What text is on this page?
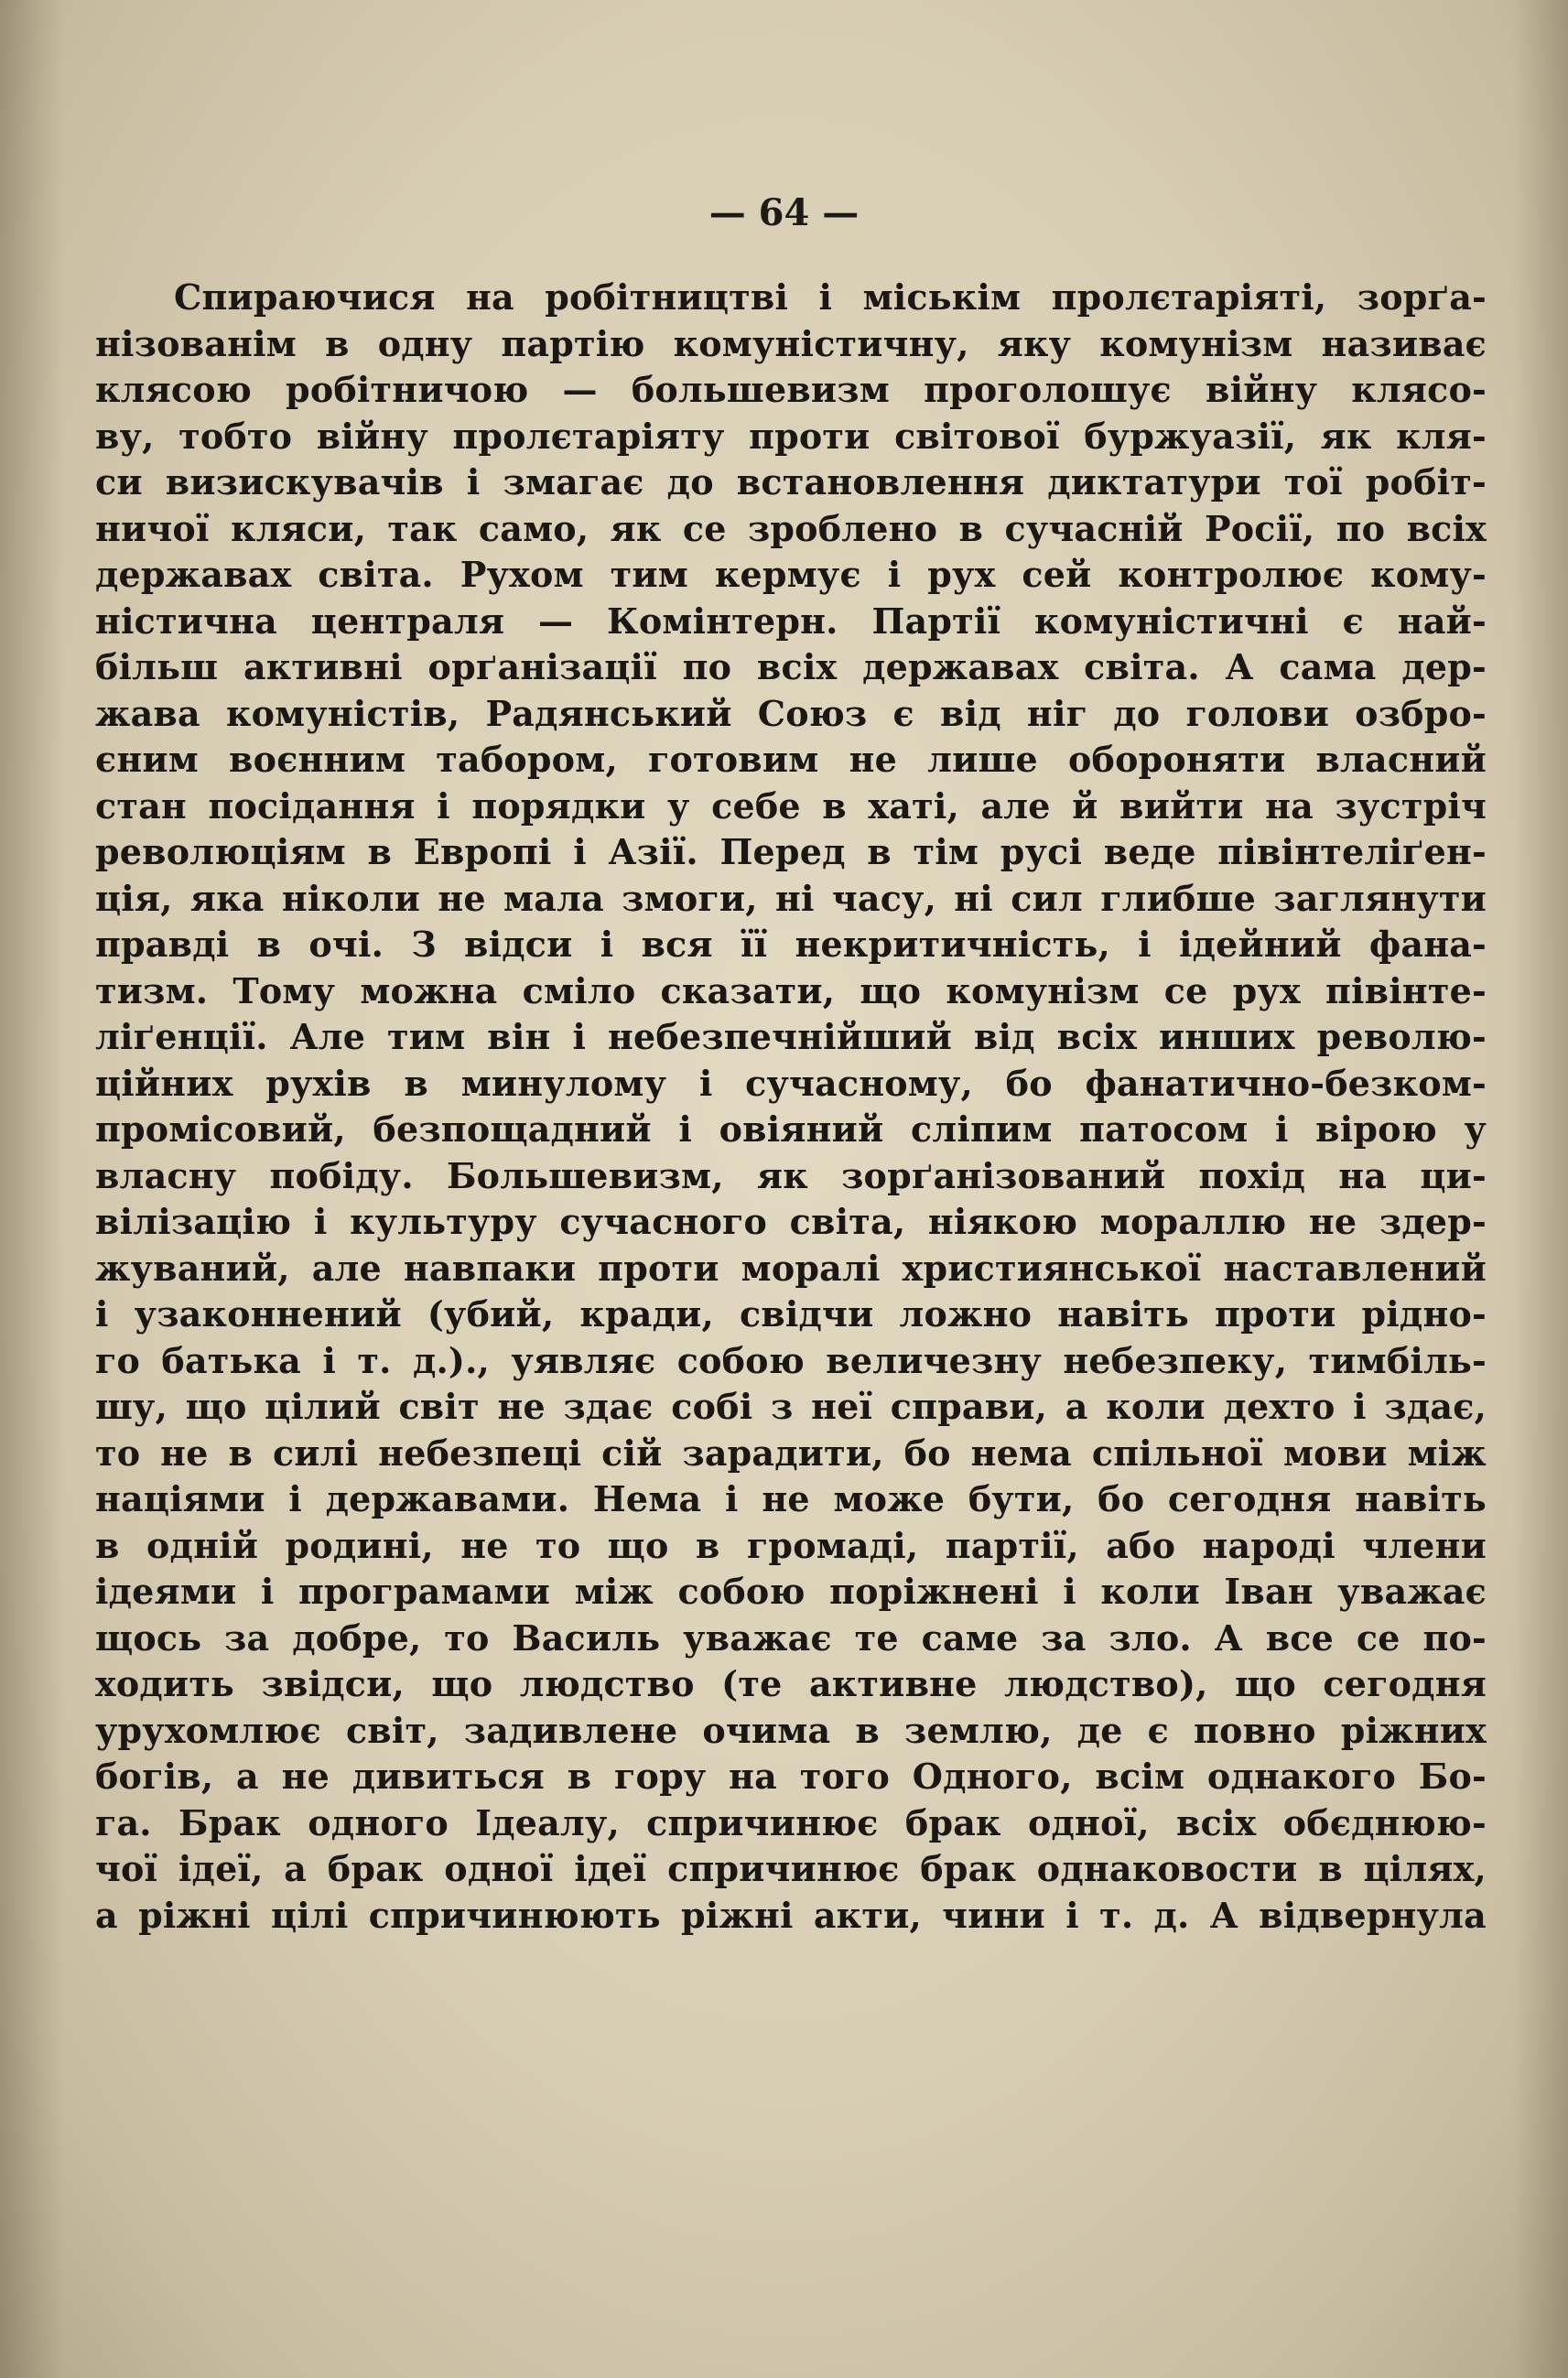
— 64 —
Спираючися на робітництві і міськім пролєтаріяті, зорґа-
нізованім в одну партію комуністичну, яку комунізм називає
клясою робітничою — большевизм проголошує війну клясо-
ву, тобто війну пролєтаріяту проти світової буржуазії, як кля-
си визискувачів і змагає до встановлення диктатури тої робіт-
ничої кляси, так само, як се зроблено в сучасній Росії, по всіх
державах світа. Рухом тим кермує і рух сей контролює кому-
ністична централя — Комінтерн. Партії комуністичні є най-
більш активні орґанізації по всіх державах світа. А сама дер-
жава комуністів, Радянський Союз є від ніг до голови озбро-
єним воєнним табором, готовим не лише обороняти власний
стан посідання і порядки у себе в хаті, але й вийти на зустріч
революціям в Европі і Азії. Перед в тім русі веде півінтеліґен-
ція, яка ніколи не мала змоги, ні часу, ні сил глибше заглянути
правді в очі. З відси і вся її некритичність, і ідейний фана-
тизм. Тому можна сміло сказати, що комунізм се рух півінте-
ліґенції. Але тим він і небезпечнійший від всіх инших револю-
ційних рухів в минулому і сучасному, бо фанатично-безком-
промісовий, безпощадний і овіяний сліпим патосом і вірою у
власну побіду. Большевизм, як зорґанізований похід на ци-
вілізацію і культуру сучасного світа, ніякою мораллю не здер-
жуваний, але навпаки проти моралі християнської наставлений
і узаконнений (убий, кради, свідчи ложно навіть проти рідно-
го батька і т. д.)., уявляє собою величезну небезпеку, тимбіль-
шу, що цілий світ не здає собі з неї справи, а коли дехто і здає,
то не в силі небезпеці сій зарадити, бо нема спільної мови між
націями і державами. Нема і не може бути, бо сегодня навіть
в одній родині, не то що в громаді, партії, або народі члени
ідеями і програмами між собою поріжнені і коли Іван уважає
щось за добре, то Василь уважає те саме за зло. А все се по-
ходить звідси, що людство (те активне людство), що сегодня
урухомлює світ, задивлене очима в землю, де є повно ріжних
богів, а не дивиться в гору на того Одного, всім однакого Бо-
га. Брак одного Ідеалу, спричинює брак одної, всіх обєднюю-
чої ідеї, а брак одної ідеї спричинює брак однаковости в цілях,
а ріжні цілі спричинюють ріжні акти, чини і т. д. А відвернула
